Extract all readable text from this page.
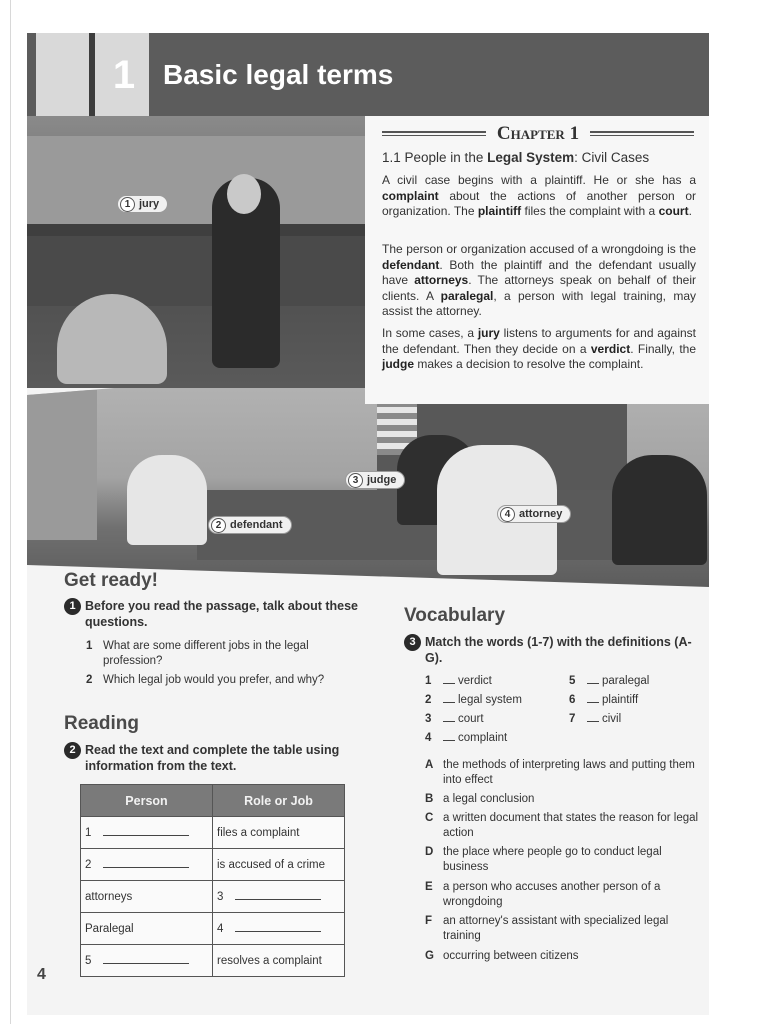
1 Basic legal terms
Chapter 1
1.1 People in the Legal System: Civil Cases
A civil case begins with a plaintiff. He or she has a complaint about the actions of another person or organization. The plaintiff files the complaint with a court.
The person or organization accused of a wrongdoing is the defendant. Both the plaintiff and the defendant usually have attorneys. The attorneys speak on behalf of their clients. A paralegal, a person with legal training, may assist the attorney.
In some cases, a jury listens to arguments for and against the defendant. Then they decide on a verdict. Finally, the judge makes a decision to resolve the complaint.
1 jury
2 defendant
3 judge
4 attorney
Get ready!
1 Before you read the passage, talk about these questions.
1 What are some different jobs in the legal profession?
2 Which legal job would you prefer, and why?
Reading
2 Read the text and complete the table using information from the text.
Person	Role or Job
1	files a complaint
2	is accused of a crime
attorneys	3
Paralegal	4
5	resolves a complaint
Vocabulary
3 Match the words (1-7) with the definitions (A-G).
1 verdict
2 legal system
3 court
4 complaint
5 paralegal
6 plaintiff
7 civil
A the methods of interpreting laws and putting them into effect
B a legal conclusion
C a written document that states the reason for legal action
D the place where people go to conduct legal business
E a person who accuses another person of a wrongdoing
F an attorney's assistant with specialized legal training
G occurring between citizens
4
